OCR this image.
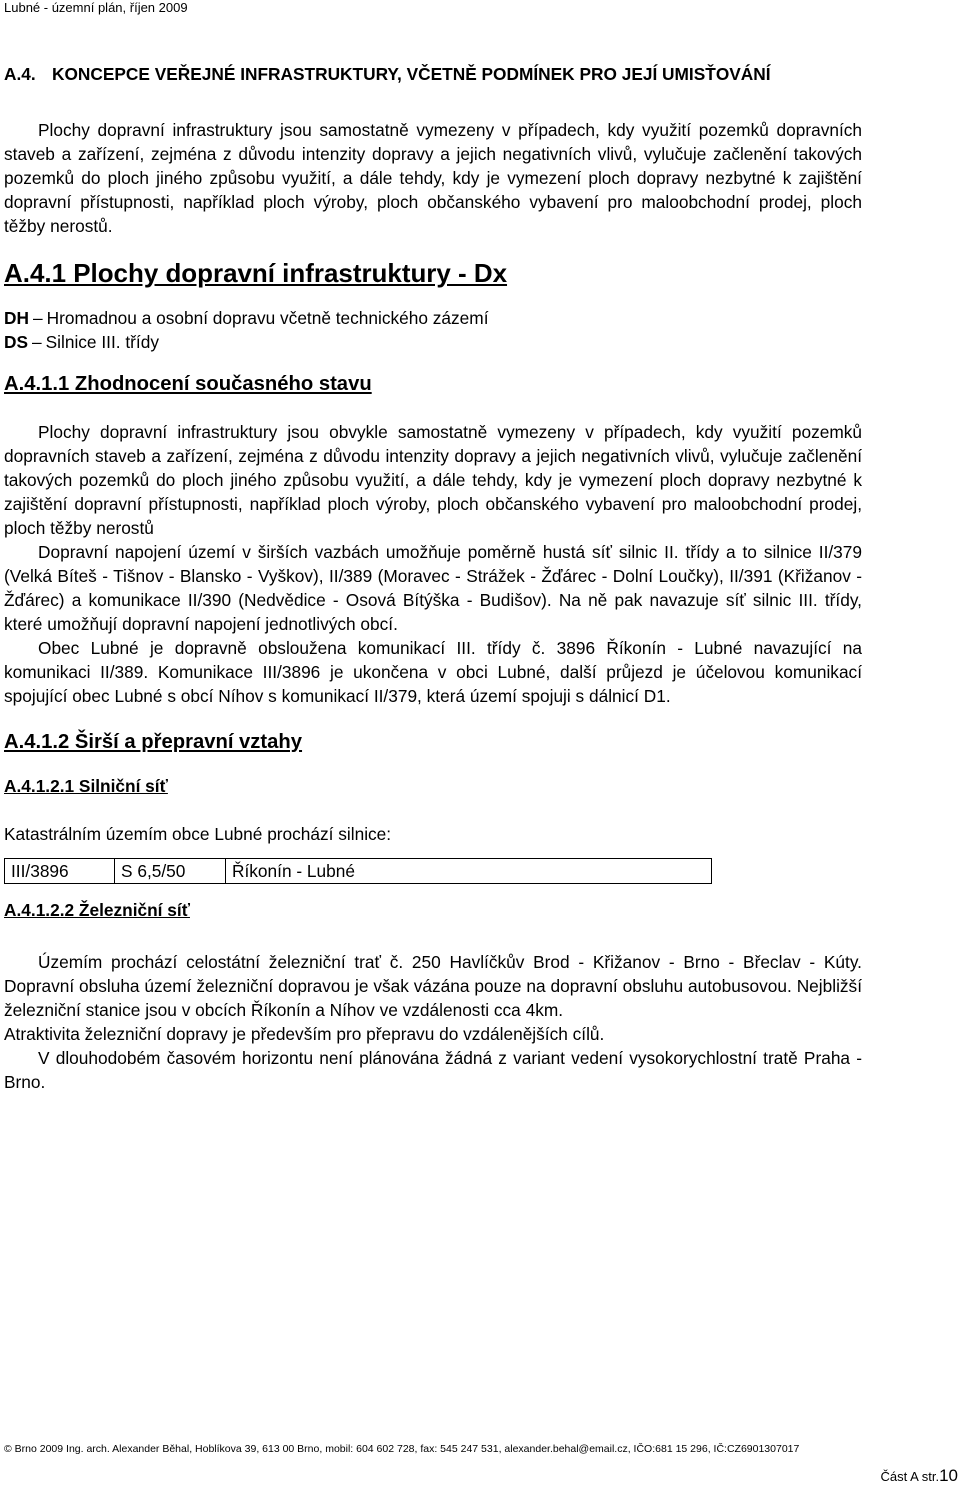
Lubné - územní plán, říjen 2009
A.4. KONCEPCE VEŘEJNÉ INFRASTRUKTURY, VČETNĚ PODMÍNEK PRO JEJÍ UMISŤOVÁNÍ

Plochy dopravní infrastruktury jsou samostatně vymezeny v případech, kdy využití pozemků dopravních staveb a zařízení, zejména z důvodu intenzity dopravy a jejich negativních vlivů, vylučuje začlenění takových pozemků do ploch jiného způsobu využití, a dále tehdy, kdy je vymezení ploch dopravy nezbytné k zajištění dopravní přístupnosti, například ploch výroby, ploch občanského vybavení pro maloobchodní prodej, ploch těžby nerostů.

A.4.1 Plochy dopravní infrastruktury - Dx
DH – Hromadnou a osobní dopravu včetně technického zázemí
DS – Silnice III. třídy
A.4.1.1 Zhodnocení současného stavu

Plochy dopravní infrastruktury jsou obvykle samostatně vymezeny v případech, kdy využití pozemků dopravních staveb a zařízení, zejména z důvodu intenzity dopravy a jejich negativních vlivů, vylučuje začlenění takových pozemků do ploch jiného způsobu využití, a dále tehdy, kdy je vymezení ploch dopravy nezbytné k zajištění dopravní přístupnosti, například ploch výroby, ploch občanského vybavení pro maloobchodní prodej, ploch těžby nerostů

Dopravní napojení území v širších vazbách umožňuje poměrně hustá síť silnic II. třídy a to silnice II/379 (Velká Bíteš - Tišnov - Blansko - Vyškov), II/389 (Moravec - Strážek - Žďárec - Dolní Loučky), II/391 (Křižanov - Žďárec) a komunikace II/390 (Nedvědice - Osová Bítýška - Budišov). Na ně pak navazuje síť silnic III. třídy, které umožňují dopravní napojení jednotlivých obcí.

Obec Lubné je dopravně obsloužena komunikací III. třídy č. 3896 Říkonín - Lubné navazující na komunikaci II/389. Komunikace III/3896 je ukončena v obci Lubné, další průjezd je účelovou komunikací spojující obec Lubné s obcí Níhov s komunikací II/379, která území spojuji s dálnicí D1.

A.4.1.2 Širší a přepravní vztahy
A.4.1.2.1 Silniční síť

Katastrálním územím obce Lubné prochází silnice:

III/3896	S 6,5/50	Říkonín - Lubné
A.4.1.2.2 Železniční síť

Územím prochází celostátní železniční trať č. 250 Havlíčkův Brod - Křižanov - Brno - Břeclav - Kúty. Dopravní obsluha území železniční dopravou je však vázána pouze na dopravní obsluhu autobusovou. Nejbližší železniční stanice jsou v obcích Říkonín a Níhov ve vzdálenosti cca 4km.

Atraktivita železniční dopravy je především pro přepravu do vzdálenějších cílů.

V dlouhodobém časovém horizontu není plánována žádná z variant vedení vysokorychlostní tratě Praha - Brno.

© Brno 2009 Ing. arch. Alexander Běhal, Hoblíkova 39, 613 00 Brno, mobil: 604 602 728, fax: 545 247 531, alexander.behal@email.cz, IČO:681 15 296, IČ:CZ6901307017
Část A str.10
